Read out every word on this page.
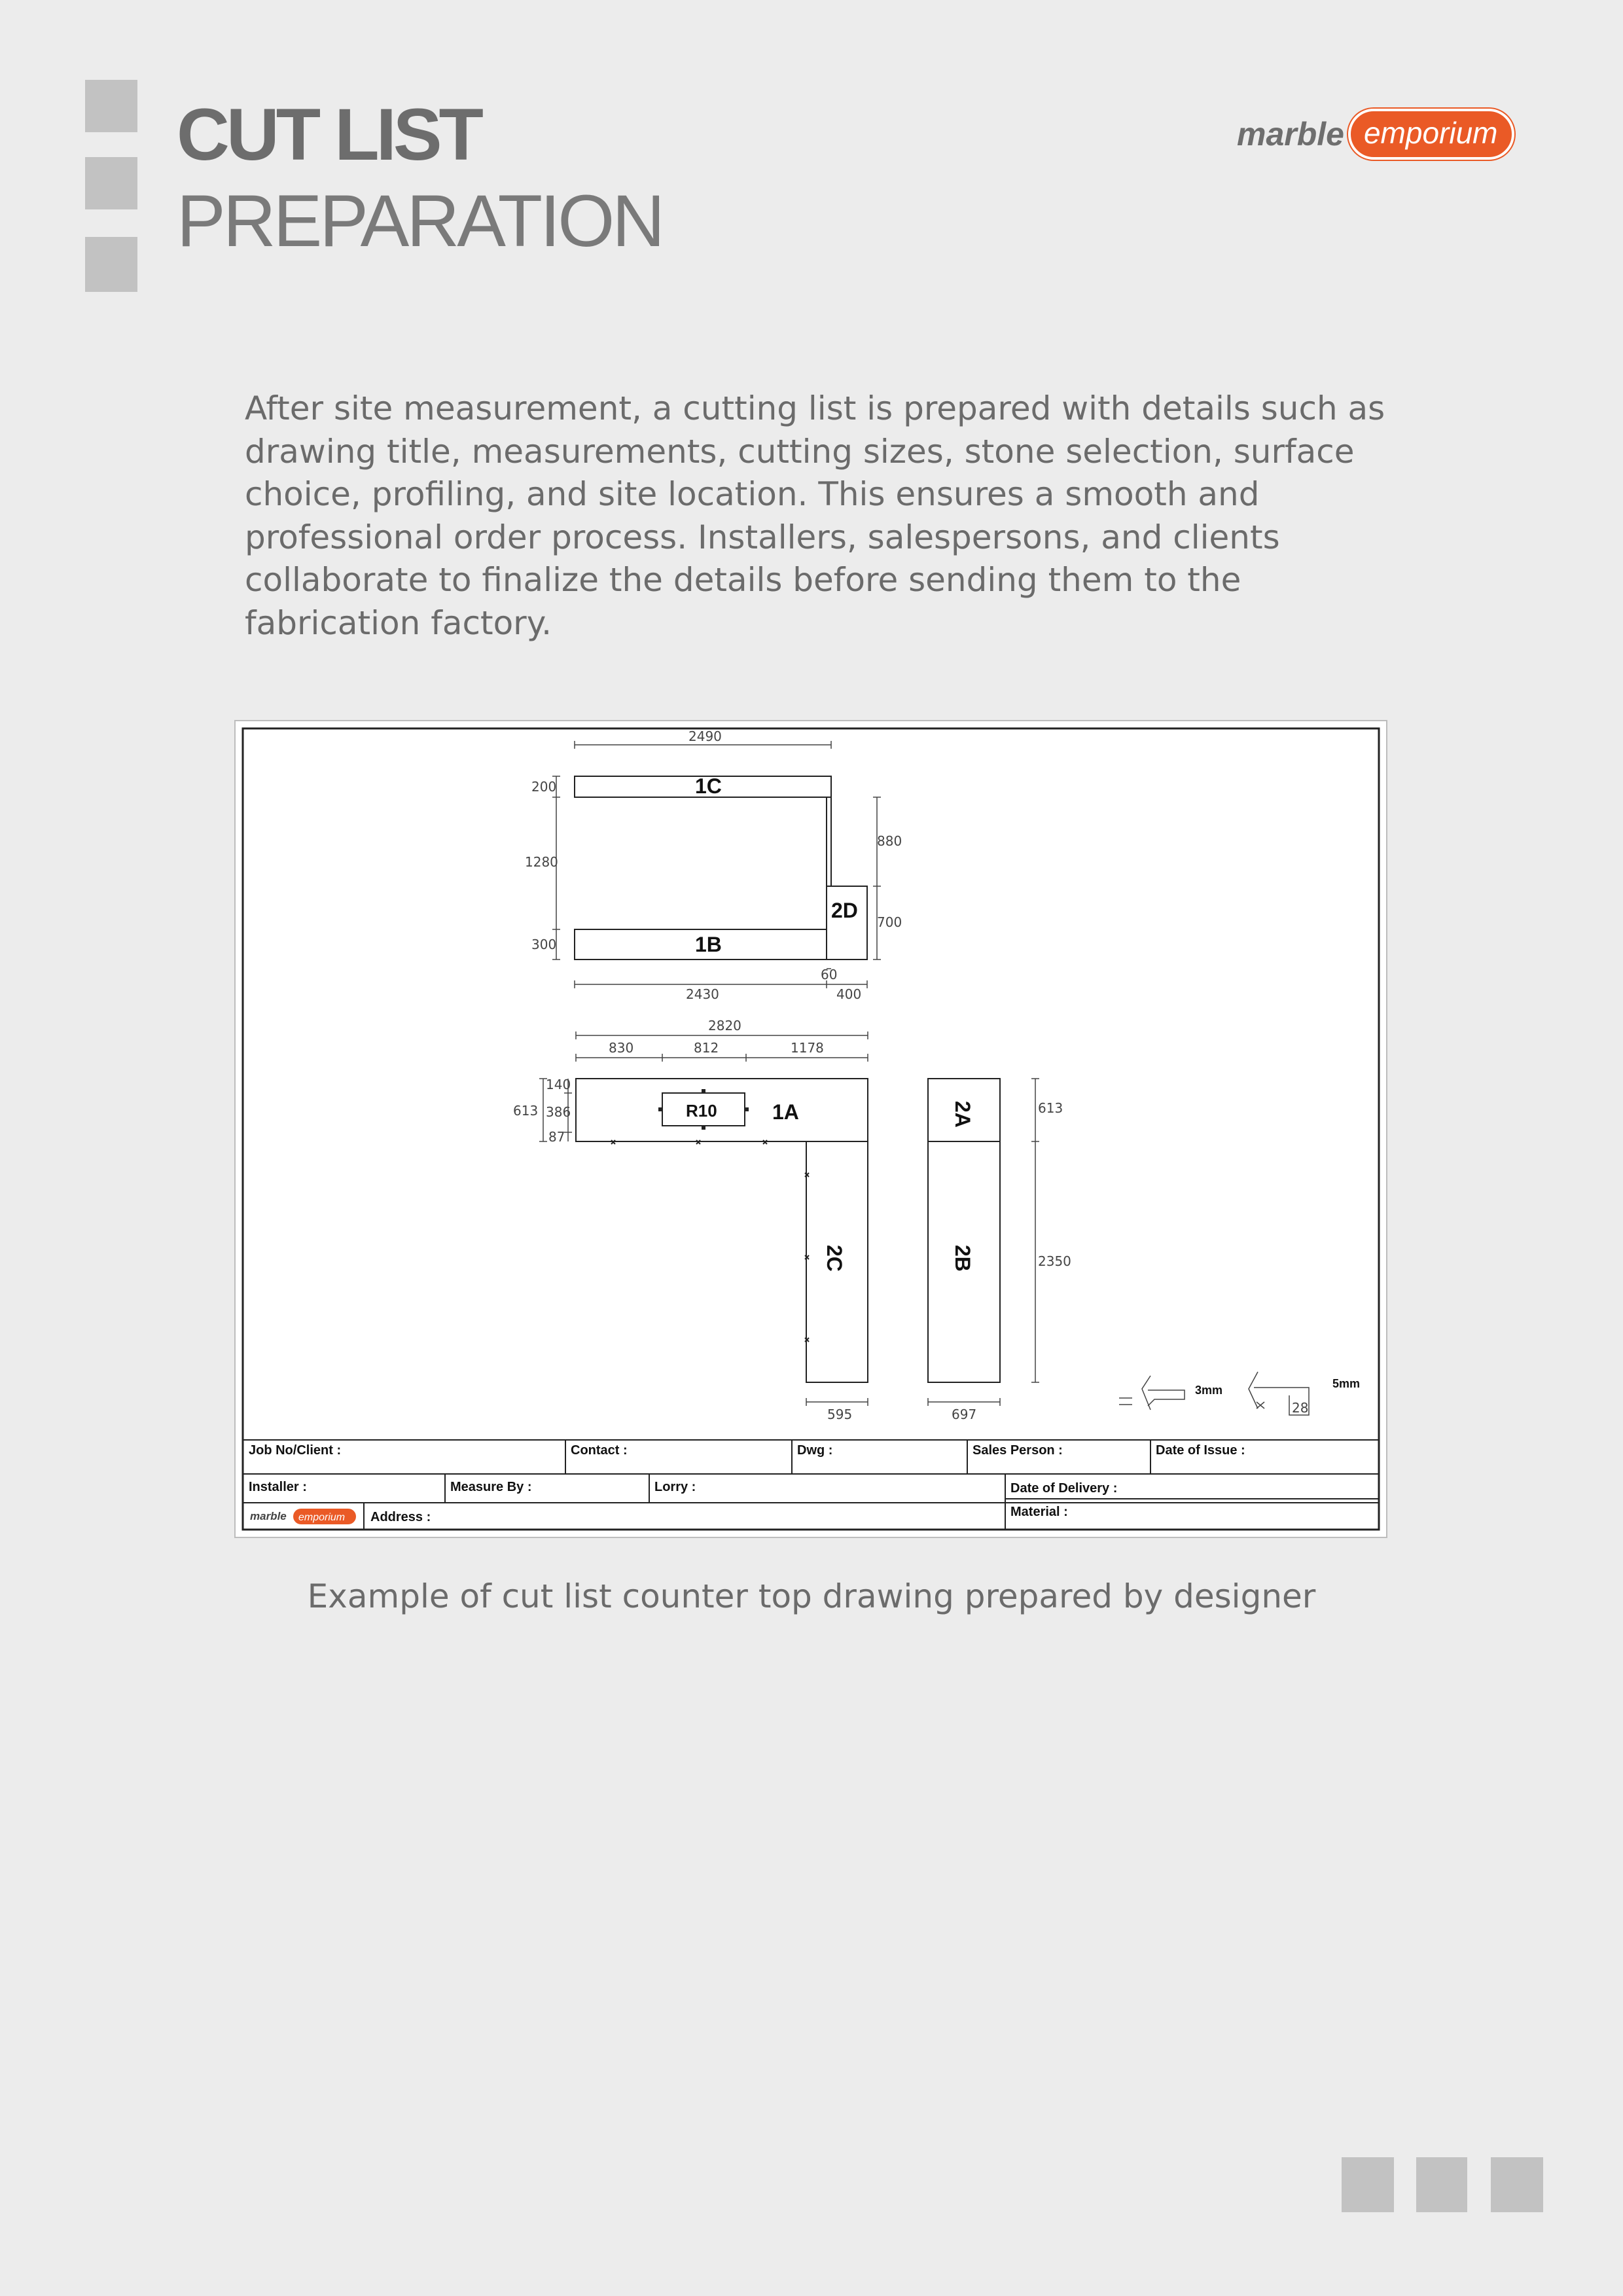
CUT LIST
PREPARATION
marble emporium
After site measurement, a cutting list is prepared with details such as drawing title, measurements, cutting sizes, stone selection, surface choice, profiling, and site location. This ensures a smooth and professional order process. Installers, salespersons, and clients collaborate to finalize the details before sending them to the fabrication factory.
1C
1B
2D
1A
R10	2A
2B
2C
2490
200
1280
300
880
700
60
2430	400
2820
830	812	1178
613
140
386
87
613
2350
595	697
3mm	5mm
28
Job No/Client :	Contact :	Dwg :	Sales Person :	Date of Issue :
Installer :	Measure By :	Lorry :	Date of Delivery :
Material :
Address :
marble emporium
Example of cut list counter top drawing prepared by designer
